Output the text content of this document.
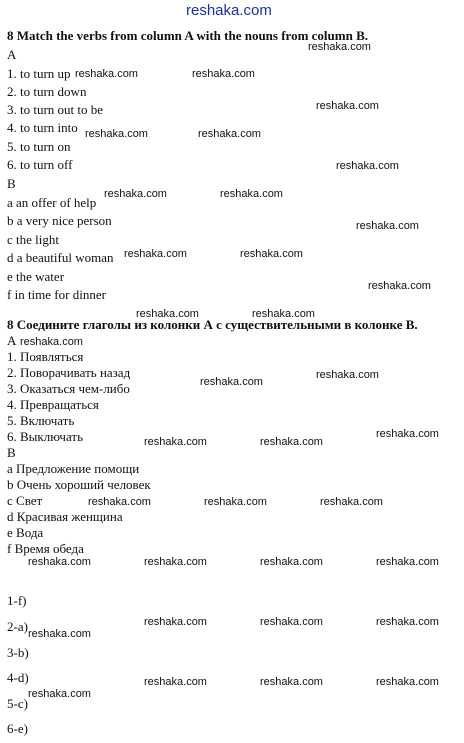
reshaka.com
8 Match the verbs from column A with the nouns from column B.
A
1. to turn up
2. to turn down
3. to turn out to be
4. to turn into
5. to turn on
6. to turn off
B
a an offer of help
b a very nice person
c the light
d a beautiful woman
e the water
f in time for dinner
8 Соедините глаголы из колонки А с существительными в колонке В.
А
1. Появляться
2. Поворачивать назад
3. Оказаться чем-либо
4. Превращаться
5. Включать
6. Выключать
В
a Предложение помощи
b Очень хороший человек
c Свет
d Красивая женщина
e Вода
f Время обеда
1-f)
2-a)
3-b)
4-d)
5-c)
6-e)
reshaka.com
reshaka.com	reshaka.com
reshaka.com
reshaka.com	reshaka.com
reshaka.com
reshaka.com	reshaka.com
reshaka.com
reshaka.com	reshaka.com
reshaka.com
reshaka.com	reshaka.com
reshaka.com
reshaka.com
reshaka.com
reshaka.com
reshaka.com	reshaka.com
reshaka.com	reshaka.com	reshaka.com
reshaka.com	reshaka.com	reshaka.com	reshaka.com
reshaka.com
reshaka.com	reshaka.com	reshaka.com
reshaka.com
reshaka.com	reshaka.com	reshaka.com
